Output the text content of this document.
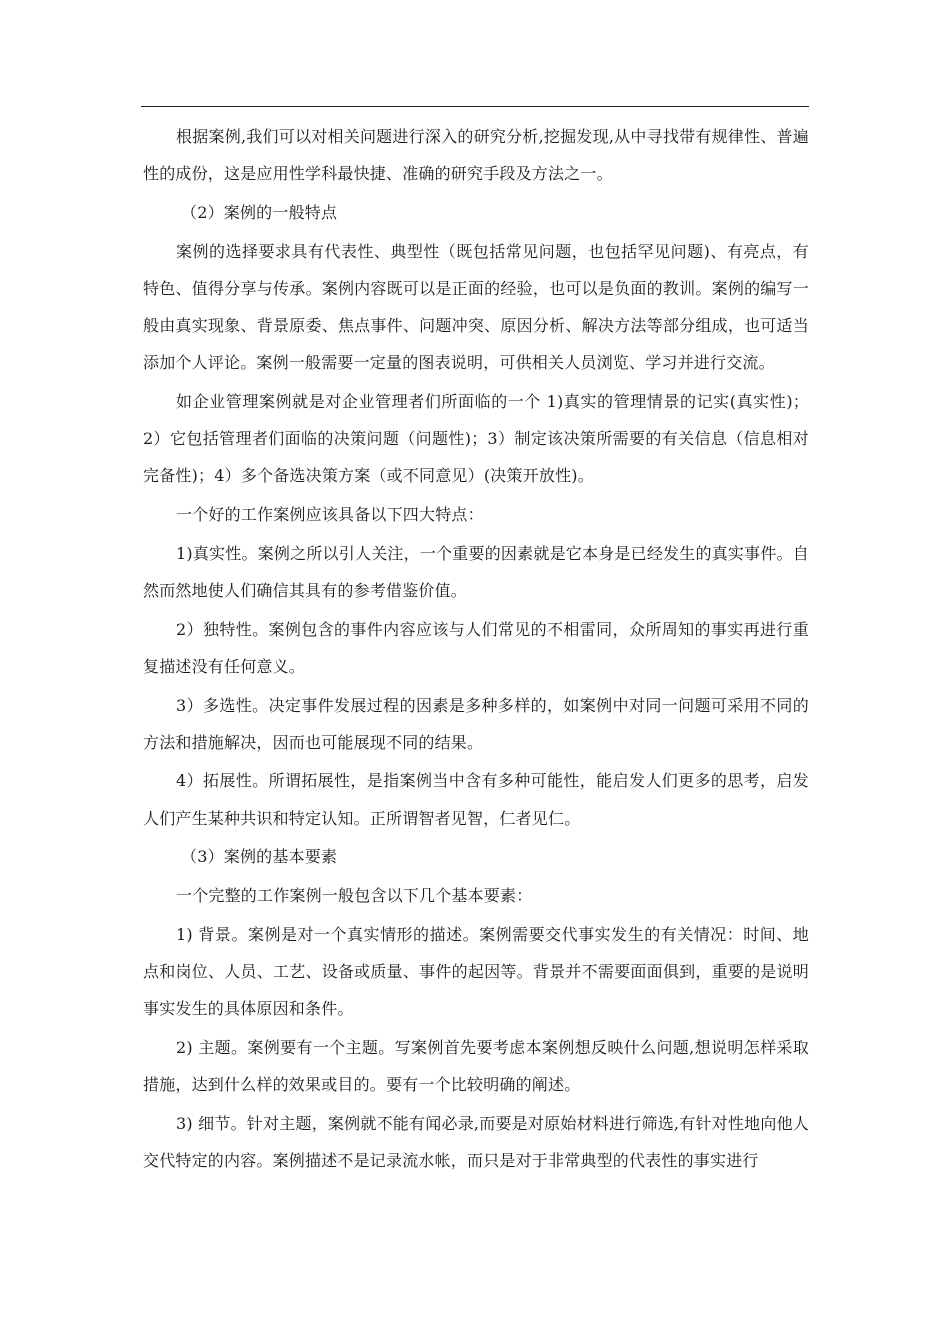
根据案例,我们可以对相关问题进行深入的研究分析,挖掘发现,从中寻找带有规律性、普遍性的成份，这是应用性学科最快捷、准确的研究手段及方法之一。

（2）案例的一般特点

案例的选择要求具有代表性、典型性（既包括常见问题，也包括罕见问题)、有亮点，有特色、值得分享与传承。案例内容既可以是正面的经验，也可以是负面的教训。案例的编写一般由真实现象、背景原委、焦点事件、问题冲突、原因分析、解决方法等部分组成，也可适当添加个人评论。案例一般需要一定量的图表说明，可供相关人员浏览、学习并进行交流。

如企业管理案例就是对企业管理者们所面临的一个 1)真实的管理情景的记实(真实性)；2）它包括管理者们面临的决策问题（问题性)；3）制定该决策所需要的有关信息（信息相对完备性)；4）多个备选决策方案（或不同意见）(决策开放性)。

一个好的工作案例应该具备以下四大特点：

1)真实性。案例之所以引人关注，一个重要的因素就是它本身是已经发生的真实事件。自然而然地使人们确信其具有的参考借鉴价值。

2）独特性。案例包含的事件内容应该与人们常见的不相雷同，众所周知的事实再进行重复描述没有任何意义。

3）多选性。决定事件发展过程的因素是多种多样的，如案例中对同一问题可采用不同的方法和措施解决，因而也可能展现不同的结果。

4）拓展性。所谓拓展性，是指案例当中含有多种可能性，能启发人们更多的思考，启发人们产生某种共识和特定认知。正所谓智者见智，仁者见仁。

（3）案例的基本要素

一个完整的工作案例一般包含以下几个基本要素：

1) 背景。案例是对一个真实情形的描述。案例需要交代事实发生的有关情况：时间、地点和岗位、人员、工艺、设备或质量、事件的起因等。背景并不需要面面俱到，重要的是说明事实发生的具体原因和条件。

2) 主题。案例要有一个主题。写案例首先要考虑本案例想反映什么问题,想说明怎样采取措施，达到什么样的效果或目的。要有一个比较明确的阐述。

3) 细节。针对主题，案例就不能有闻必录,而要是对原始材料进行筛选,有针对性地向他人交代特定的内容。案例描述不是记录流水帐，而只是对于非常典型的代表性的事实进行
